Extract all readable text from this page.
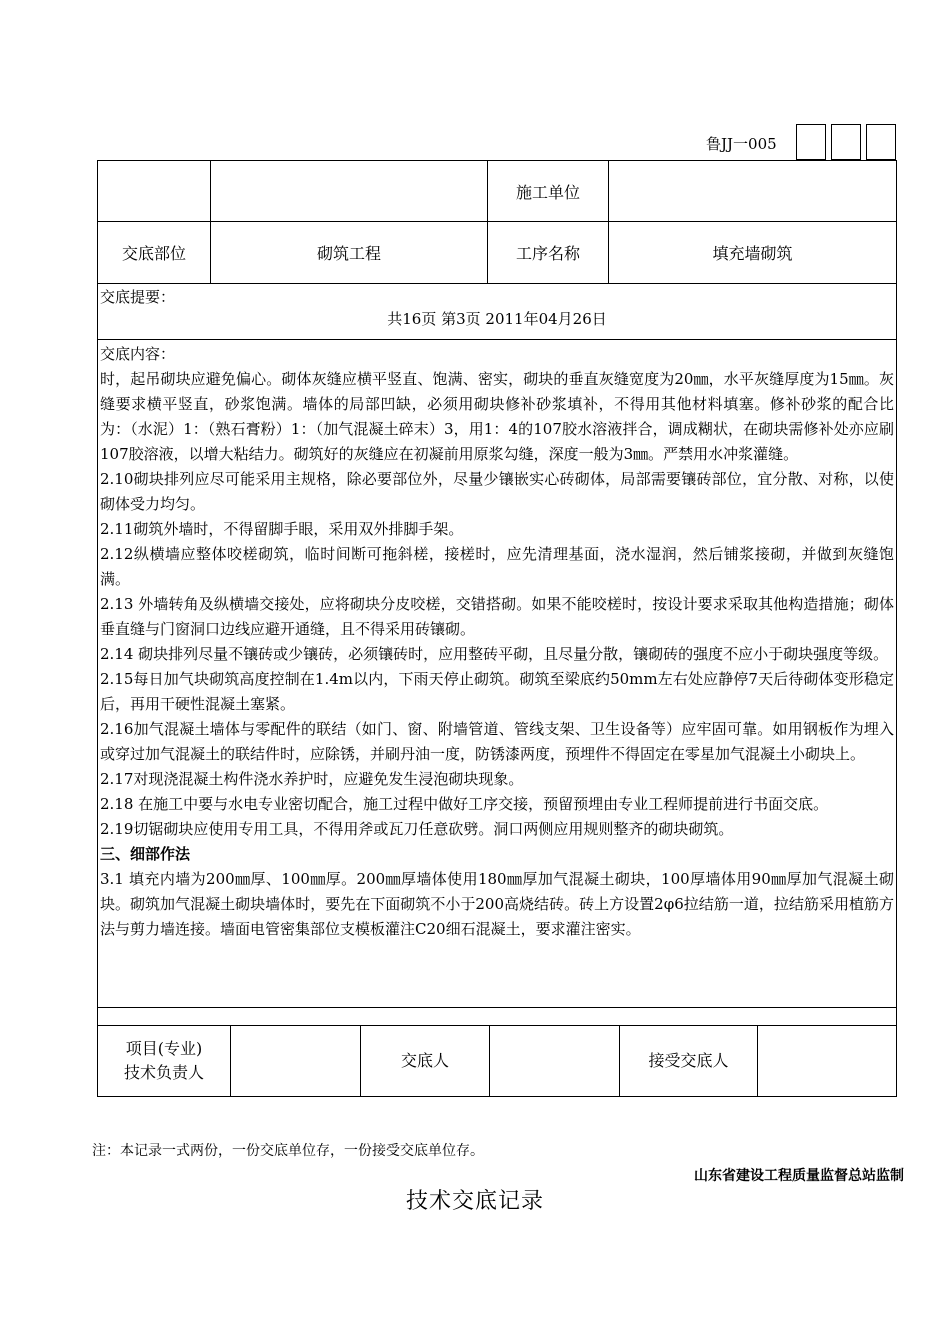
鲁JJ一005
施工单位
交底部位	砌筑工程	工序名称	填充墙砌筑
交底提要：
共16页 第3页 2011年04月26日

交底内容：

时，起吊砌块应避免偏心。砌体灰缝应横平竖直、饱满、密实，砌块的垂直灰缝宽度为20㎜，水平灰缝厚度为15㎜。灰缝要求横平竖直，砂浆饱满。墙体的局部凹缺，必须用砌块修补砂浆填补，不得用其他材料填塞。修补砂浆的配合比为：（水泥）1：（熟石膏粉）1：（加气混凝土碎末）3，用1：4的107胶水溶液拌合，调成糊状，在砌块需修补处亦应刷107胶溶液，以增大粘结力。砌筑好的灰缝应在初凝前用原浆勾缝，深度一般为3㎜。严禁用水冲浆灌缝。

2.10砌块排列应尽可能采用主规格，除必要部位外，尽量少镶嵌实心砖砌体，局部需要镶砖部位，宜分散、对称，以使砌体受力均匀。

2.11砌筑外墙时，不得留脚手眼，采用双外排脚手架。

2.12纵横墙应整体咬槎砌筑，临时间断可拖斜槎，接槎时，应先清理基面，浇水湿润，然后铺浆接砌，并做到灰缝饱满。

2.13 外墙转角及纵横墙交接处，应将砌块分皮咬槎，交错搭砌。如果不能咬槎时，按设计要求采取其他构造措施；砌体垂直缝与门窗洞口边线应避开通缝，且不得采用砖镶砌。

2.14 砌块排列尽量不镶砖或少镶砖，必须镶砖时，应用整砖平砌，且尽量分散，镶砌砖的强度不应小于砌块强度等级。

2.15每日加气块砌筑高度控制在1.4m以内，下雨天停止砌筑。砌筑至梁底约50mm左右处应静停7天后待砌体变形稳定后，再用干硬性混凝土塞紧。

2.16加气混凝土墙体与零配件的联结（如门、窗、附墙管道、管线支架、卫生设备等）应牢固可靠。如用钢板作为埋入或穿过加气混凝土的联结件时，应除锈，并刷丹油一度，防锈漆两度，预埋件不得固定在零星加气混凝土小砌块上。

2.17对现浇混凝土构件浇水养护时，应避免发生浸泡砌块现象。

2.18 在施工中要与水电专业密切配合，施工过程中做好工序交接，预留预埋由专业工程师提前进行书面交底。

2.19切锯砌块应使用专用工具，不得用斧或瓦刀任意砍劈。洞口两侧应用规则整齐的砌块砌筑。

三、细部作法

3.1 填充内墙为200㎜厚、100㎜厚。200㎜厚墙体使用180㎜厚加气混凝土砌块，100厚墙体用90㎜厚加气混凝土砌块。砌筑加气混凝土砌块墙体时，要先在下面砌筑不小于200高烧结砖。砖上方设置2φ6拉结筋一道，拉结筋采用植筋方法与剪力墙连接。墙面电管密集部位支模板灌注C20细石混凝土，要求灌注密实。

项目(专业)
技术负责人
交底人	接受交底人
注：本记录一式两份，一份交底单位存，一份接受交底单位存。
山东省建设工程质量监督总站监制
技术交底记录
